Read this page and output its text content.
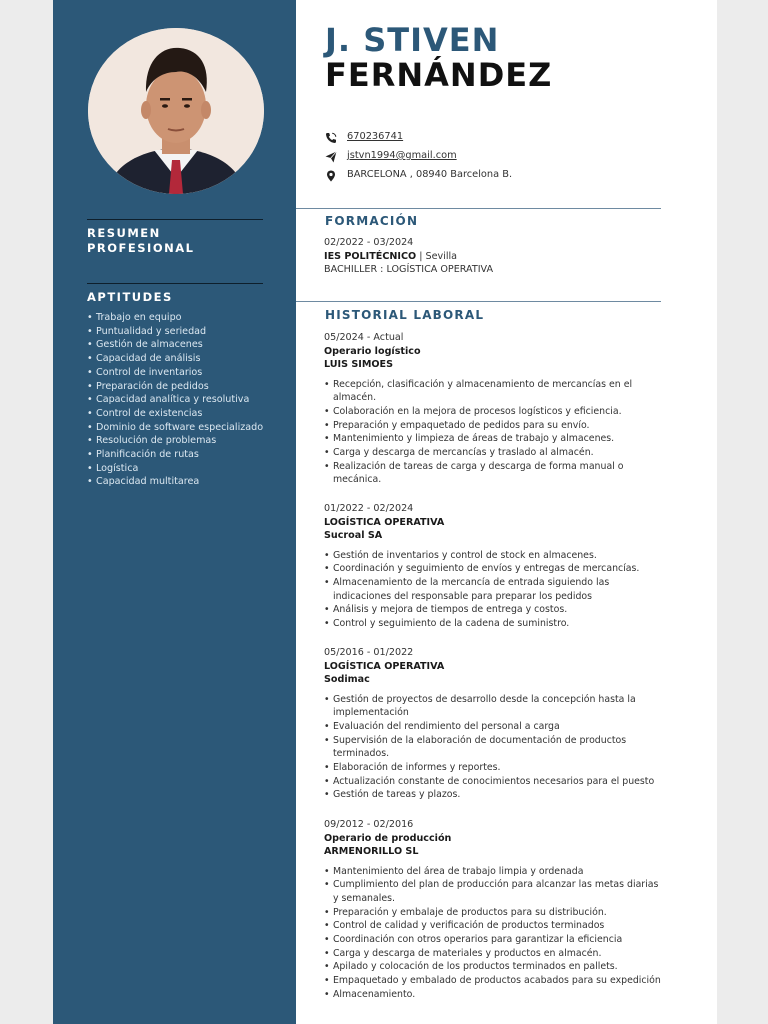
RESUMEN
PROFESIONAL
APTITUDES
• Trabajo en equipo
• Puntualidad y seriedad
• Gestión de almacenes
• Capacidad de análisis
• Control de inventarios
• Preparación de pedidos
• Capacidad analítica y resolutiva
• Control de existencias
• Dominio de software especializado
• Resolución de problemas
• Planificación de rutas
• Logística
• Capacidad multitarea
J. STIVEN
FERNÁNDEZ
670236741
jstvn1994@gmail.com
BARCELONA , 08940 Barcelona B.
FORMACIÓN
02/2022 - 03/2024
IES POLITÉCNICO | Sevilla
BACHILLER : LOGÍSTICA OPERATIVA
HISTORIAL LABORAL
05/2024 - Actual
Operario logístico
LUIS SIMOES
• Recepción, clasificación y almacenamiento de mercancías en el almacén.
• Colaboración en la mejora de procesos logísticos y eficiencia.
• Preparación y empaquetado de pedidos para su envío.
• Mantenimiento y limpieza de áreas de trabajo y almacenes.
• Carga y descarga de mercancías y traslado al almacén.
• Realización de tareas de carga y descarga de forma manual o mecánica.
01/2022 - 02/2024
LOGÍSTICA OPERATIVA
Sucroal SA
• Gestión de inventarios y control de stock en almacenes.
• Coordinación y seguimiento de envíos y entregas de mercancías.
• Almacenamiento de la mercancía de entrada siguiendo las indicaciones del responsable para preparar los pedidos
• Análisis y mejora de tiempos de entrega y costos.
• Control y seguimiento de la cadena de suministro.
05/2016 - 01/2022
LOGÍSTICA OPERATIVA
Sodimac
• Gestión de proyectos de desarrollo desde la concepción hasta la implementación
• Evaluación del rendimiento del personal a carga
• Supervisión de la elaboración de documentación de productos terminados.
• Elaboración de informes y reportes.
• Actualización constante de conocimientos necesarios para el puesto
• Gestión de tareas y plazos.
09/2012 - 02/2016
Operario de producción
ARMENORILLO SL
• Mantenimiento del área de trabajo limpia y ordenada
• Cumplimiento del plan de producción para alcanzar las metas diarias y semanales.
• Preparación y embalaje de productos para su distribución.
• Control de calidad y verificación de productos terminados
• Coordinación con otros operarios para garantizar la eficiencia
• Carga y descarga de materiales y productos en almacén.
• Apilado y colocación de los productos terminados en pallets.
• Empaquetado y embalado de productos acabados para su expedición
• Almacenamiento.
